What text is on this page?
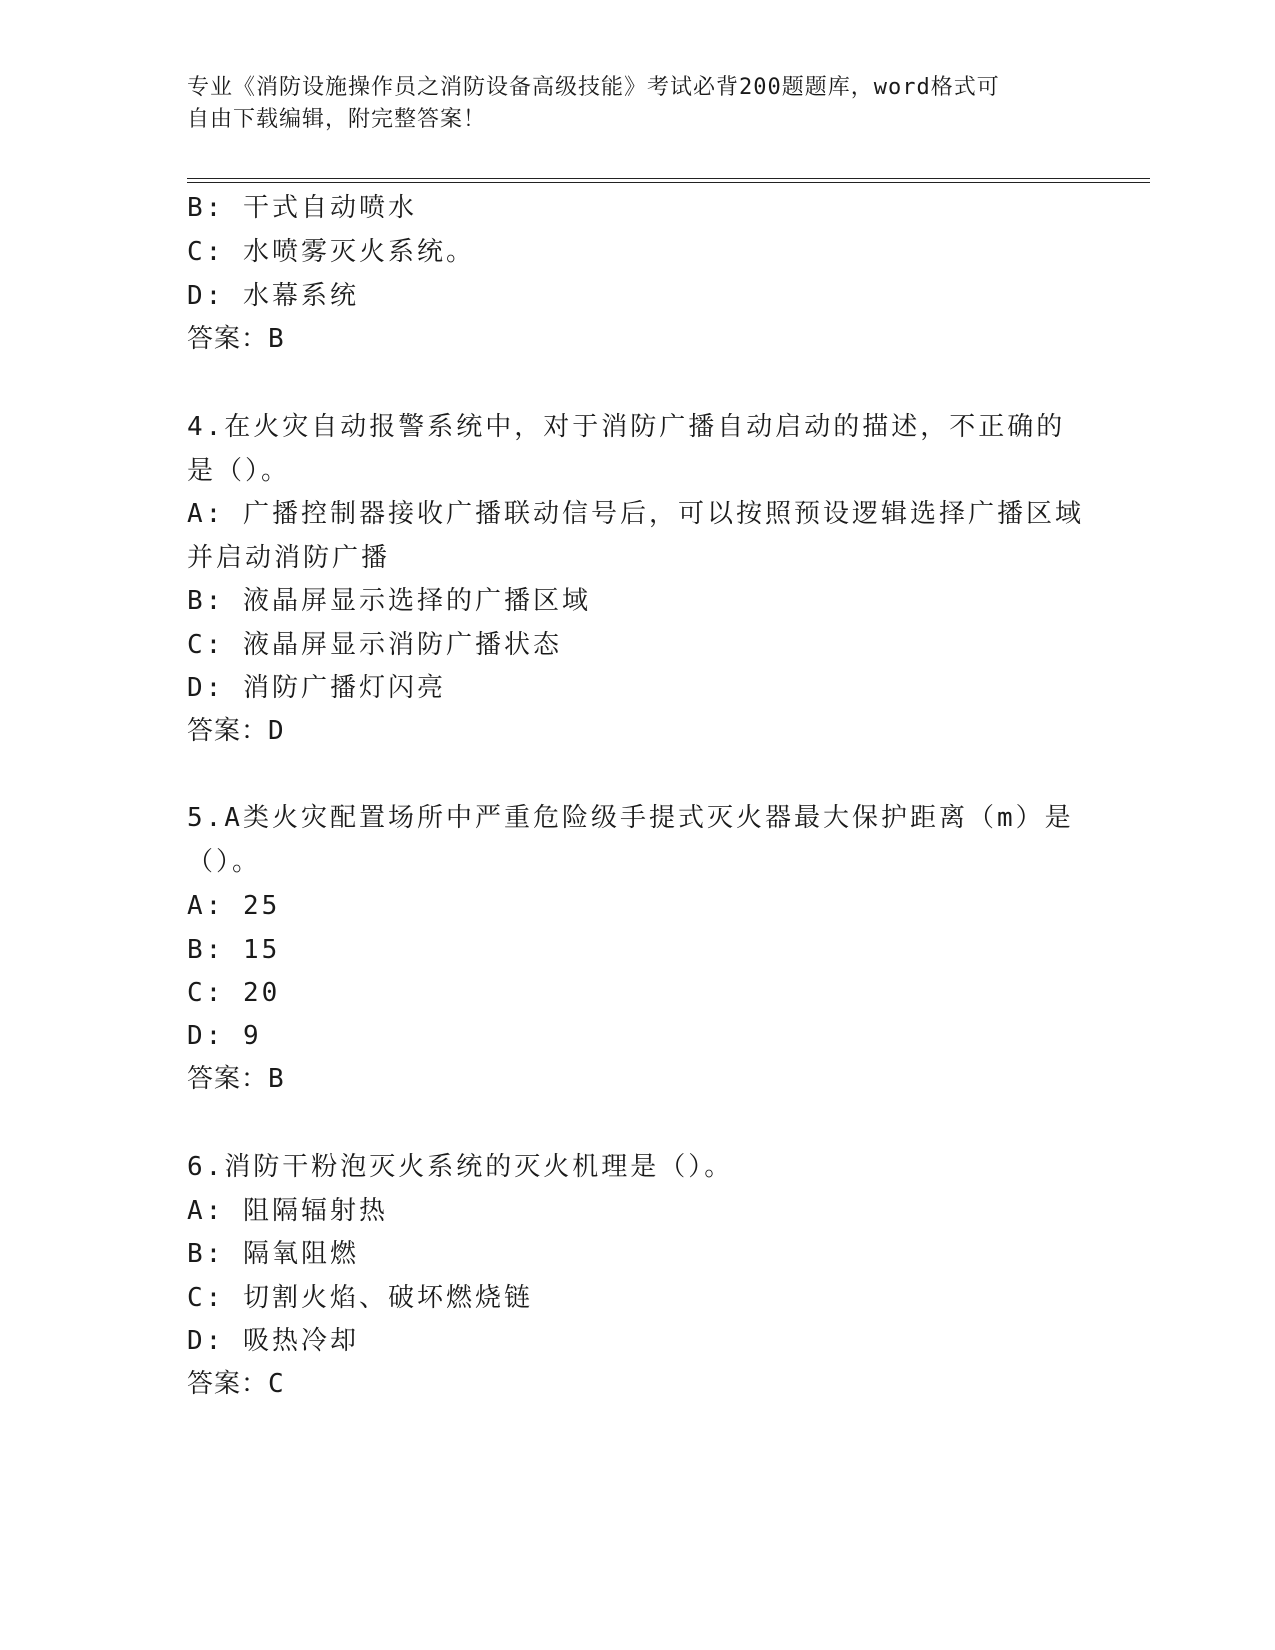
专业《消防设施操作员之消防设备高级技能》考试必背200题题库，word格式可
自由下载编辑，附完整答案！
B: 干式自动喷水
C: 水喷雾灭火系统。
D: 水幕系统
答案：B
4.在火灾自动报警系统中，对于消防广播自动启动的描述，不正确的
是（）。
A: 广播控制器接收广播联动信号后，可以按照预设逻辑选择广播区域
并启动消防广播
B: 液晶屏显示选择的广播区域
C: 液晶屏显示消防广播状态
D: 消防广播灯闪亮
答案：D
5.A类火灾配置场所中严重危险级手提式灭火器最大保护距离（m）是
（）。
A: 25
B: 15
C: 20
D: 9
答案：B
6.消防干粉泡灭火系统的灭火机理是（）。
A: 阻隔辐射热
B: 隔氧阻燃
C: 切割火焰、破坏燃烧链
D: 吸热冷却
答案：C
